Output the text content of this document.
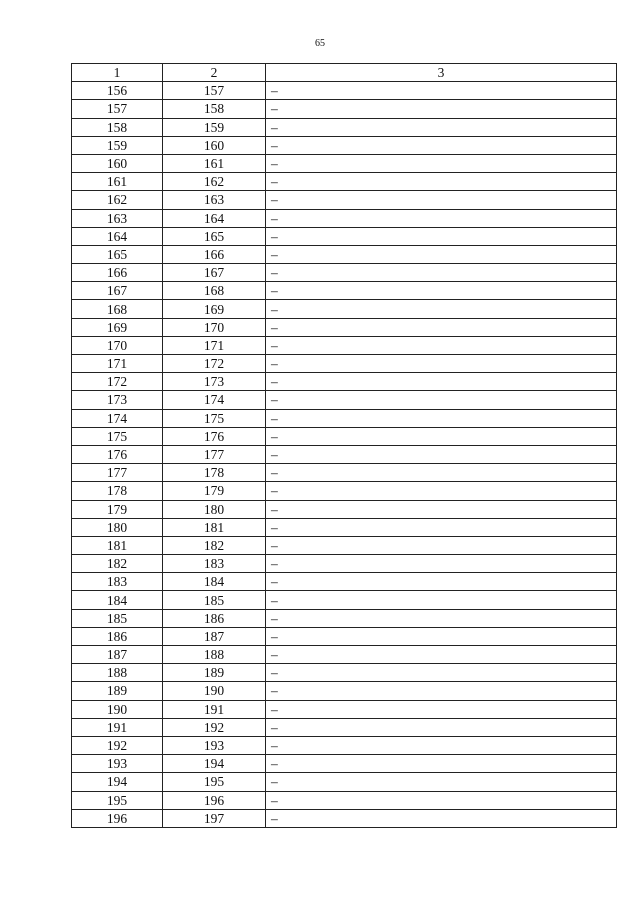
65
1	2	3
156	157	–
157	158	–
158	159	–
159	160	–
160	161	–
161	162	–
162	163	–
163	164	–
164	165	–
165	166	–
166	167	–
167	168	–
168	169	–
169	170	–
170	171	–
171	172	–
172	173	–
173	174	–
174	175	–
175	176	–
176	177	–
177	178	–
178	179	–
179	180	–
180	181	–
181	182	–
182	183	–
183	184	–
184	185	–
185	186	–
186	187	–
187	188	–
188	189	–
189	190	–
190	191	–
191	192	–
192	193	–
193	194	–
194	195	–
195	196	–
196	197	–
